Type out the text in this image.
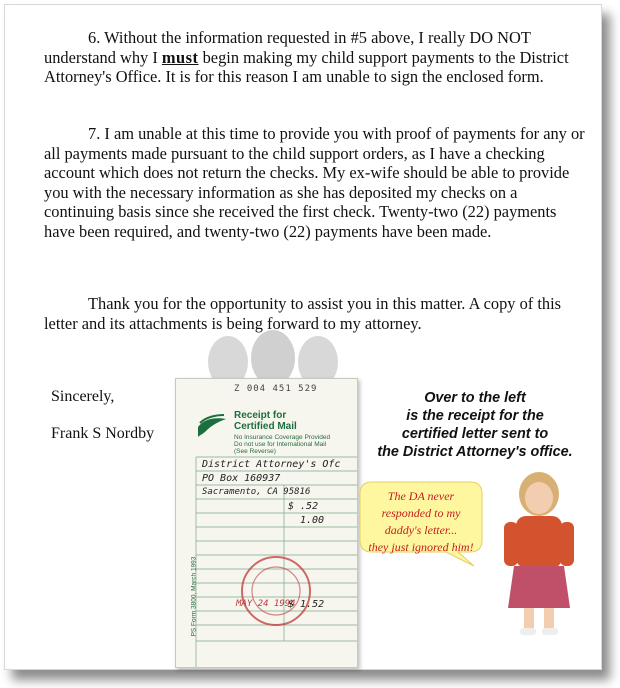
6. Without the information requested in #5 above, I really DO NOT understand why I must begin making my child support payments to the District Attorney's Office. It is for this reason I am unable to sign the enclosed form.

7. I am unable at this time to provide you with proof of payments for any or all payments made pursuant to the child support orders, as I have a checking account which does not return the checks. My ex-wife should be able to provide you with the necessary information as she has deposited my checks on a continuing basis since she received the first check. Twenty-two (22) payments have been required, and twenty-two (22) payments have been made.

Thank you for the opportunity to assist you in this matter. A copy of this letter and its attachments is being forward to my attorney.

Sincerely,
Frank S Nordby
Z 004 451 529
Receipt for
Certified Mail
No Insurance Coverage Provided
Do not use for International Mail
(See Reverse)
District Attorney's Ofc
PO Box 160937
Sacramento, CA 95816
$ .52
1.00
MAY 24 1994
$ 1.52
PS Form 3800, March 1993
Over to the left
is the receipt for the
certified letter sent to
the District Attorney's office.
The DA never
responded to my
daddy's letter...
they just ignored him!
